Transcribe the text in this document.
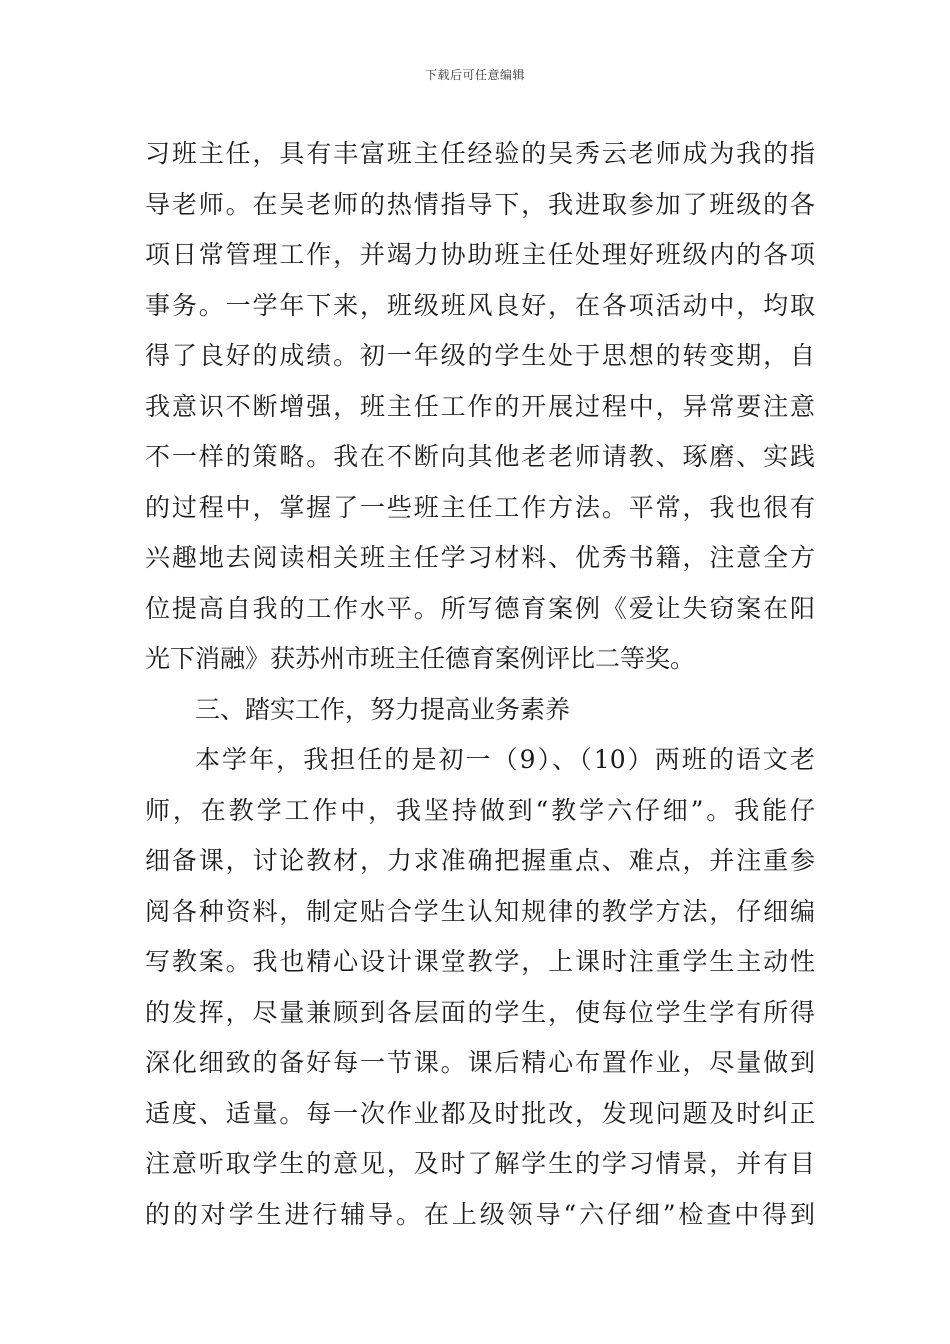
下载后可任意编辑
习班主任，具有丰富班主任经验的吴秀云老师成为我的指
导老师。在吴老师的热情指导下，我进取参加了班级的各
项日常管理工作，并竭力协助班主任处理好班级内的各项
事务。一学年下来，班级班风良好，在各项活动中，均取
得了良好的成绩。初一年级的学生处于思想的转变期，自
我意识不断增强，班主任工作的开展过程中，异常要注意
不一样的策略。我在不断向其他老老师请教、琢磨、实践
的过程中，掌握了一些班主任工作方法。平常，我也很有
兴趣地去阅读相关班主任学习材料、优秀书籍，注意全方
位提高自我的工作水平。所写德育案例《爱让失窃案在阳
光下消融》获苏州市班主任德育案例评比二等奖。
三、踏实工作，努力提高业务素养
本学年，我担任的是初一（9）、（10）两班的语文老
师，在教学工作中，我坚持做到“教学六仔细”。我能仔
细备课，讨论教材，力求准确把握重点、难点，并注重参
阅各种资料，制定贴合学生认知规律的教学方法，仔细编
写教案。我也精心设计课堂教学，上课时注重学生主动性
的发挥，尽量兼顾到各层面的学生，使每位学生学有所得
深化细致的备好每一节课。课后精心布置作业，尽量做到
适度、适量。每一次作业都及时批改，发现问题及时纠正
注意听取学生的意见，及时了解学生的学习情景，并有目
的的对学生进行辅导。在上级领导“六仔细”检查中得到
